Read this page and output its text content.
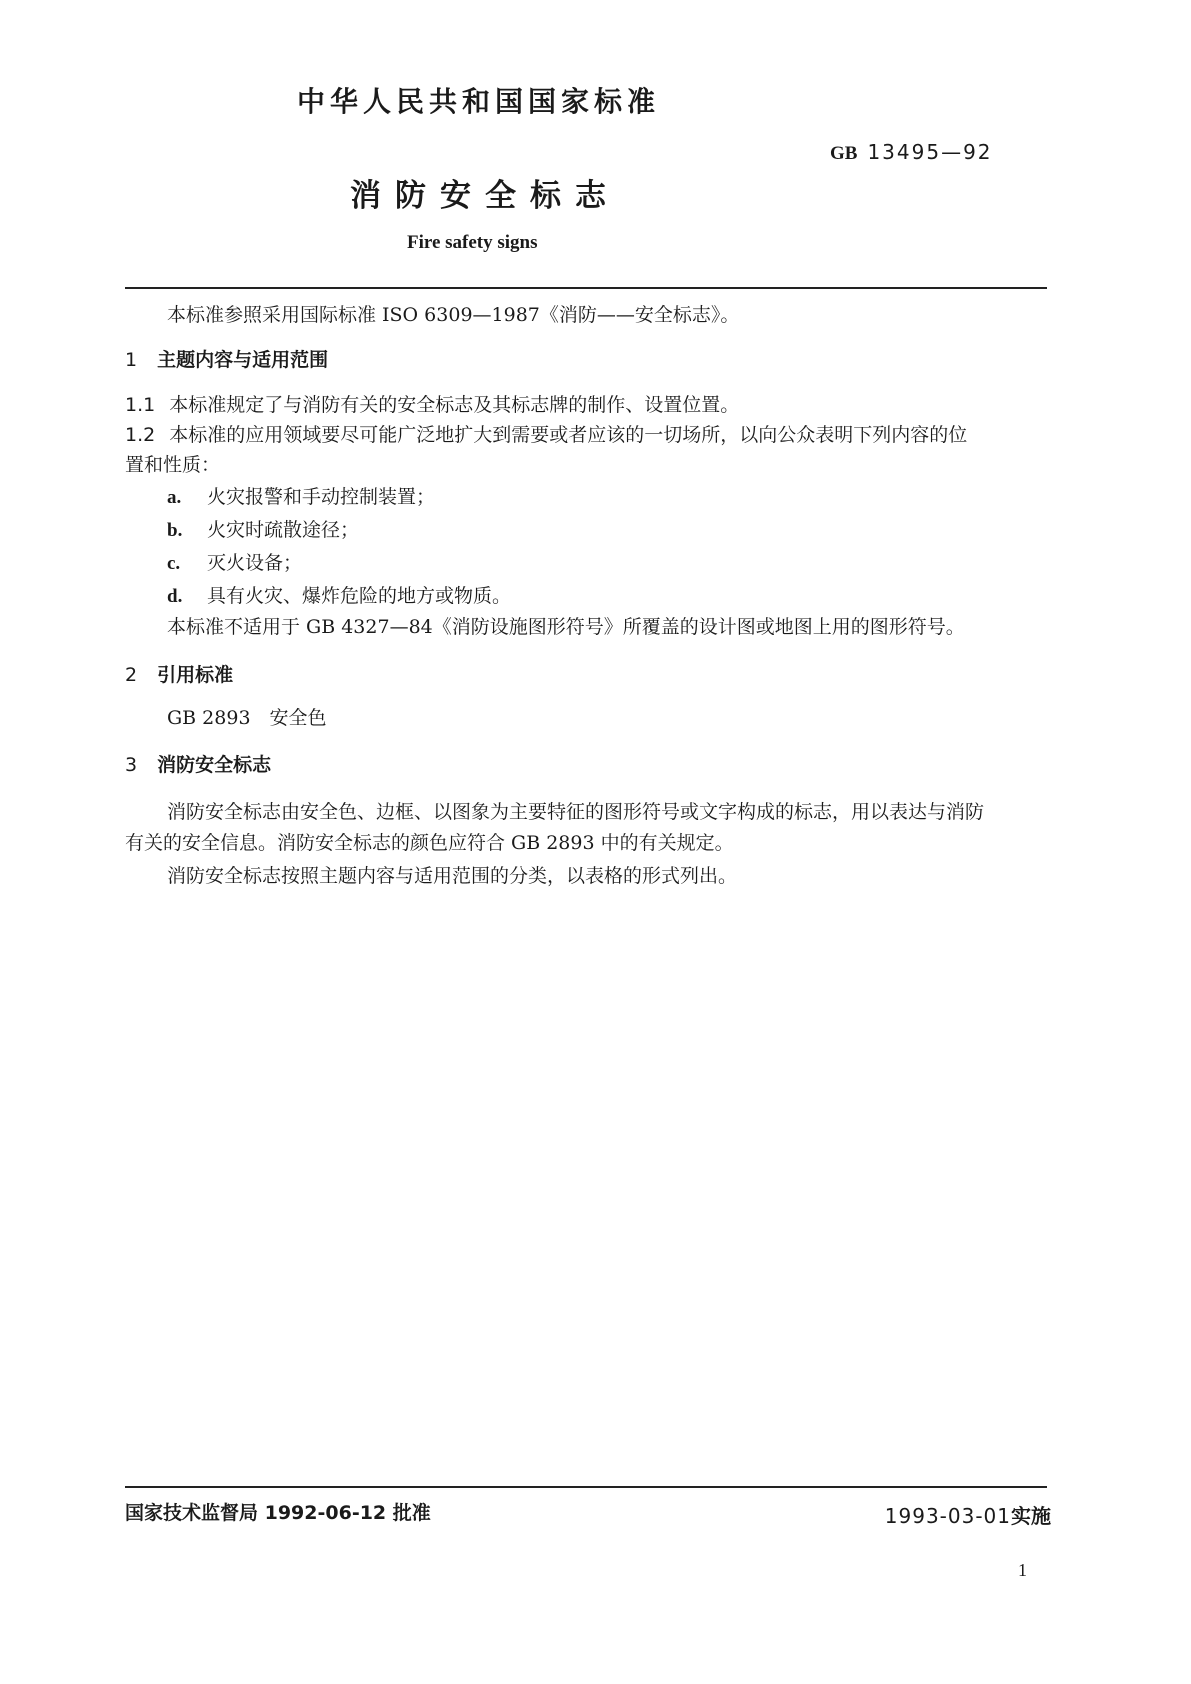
中华人民共和国国家标准
GB 13495—92
消防安全标志
Fire safety signs
本标准参照采用国际标准 ISO 6309—1987《消防——安全标志》。
1 主题内容与适用范围
1.1 本标准规定了与消防有关的安全标志及其标志牌的制作、设置位置。
1.2 本标准的应用领域要尽可能广泛地扩大到需要或者应该的一切场所，以向公众表明下列内容的位
置和性质：
a. 火灾报警和手动控制装置；
b. 火灾时疏散途径；
c. 灭火设备；
d. 具有火灾、爆炸危险的地方或物质。
本标准不适用于 GB 4327—84《消防设施图形符号》所覆盖的设计图或地图上用的图形符号。
2 引用标准
GB 2893　安全色
3 消防安全标志
消防安全标志由安全色、边框、以图象为主要特征的图形符号或文字构成的标志，用以表达与消防
有关的安全信息。消防安全标志的颜色应符合 GB 2893 中的有关规定。
消防安全标志按照主题内容与适用范围的分类，以表格的形式列出。
国家技术监督局 1992-06-12 批准	1993-03-01实施
1
